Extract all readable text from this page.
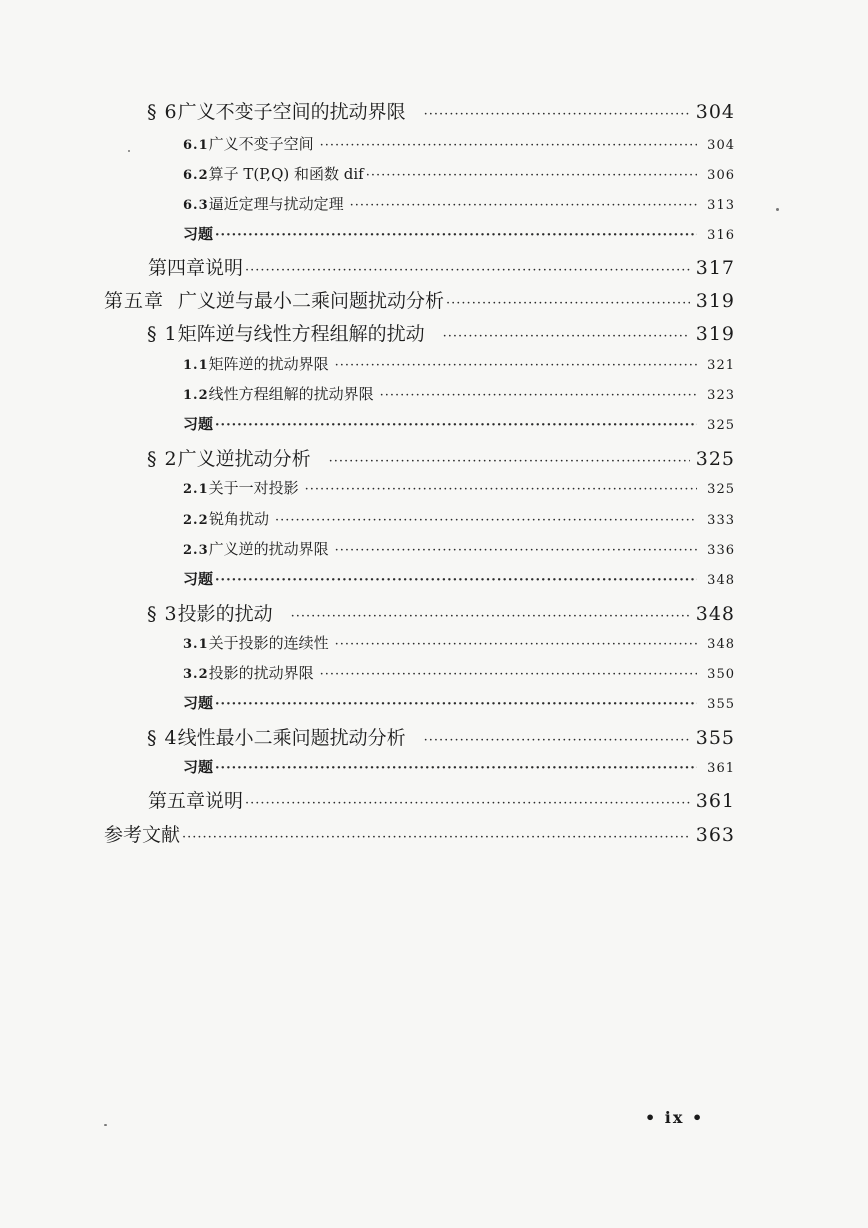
§ 6 广义不变子空间的扰动界限 ·····	304
6.1 广义不变子空间 ·····	304
6.2 算子 T(P,Q) 和函数 dif ·····	306
6.3 逼近定理与扰动定理 ·····	313
习题 ·····	316
第四章说明 ·····	317
第五章 广义逆与最小二乘问题扰动分析 ·····	319
§ 1 矩阵逆与线性方程组解的扰动 ·····	319
1.1 矩阵逆的扰动界限 ·····	321
1.2 线性方程组解的扰动界限 ·····	323
习题 ·····	325
§ 2 广义逆扰动分析 ·····	325
2.1 关于一对投影 ·····	325
2.2 锐角扰动 ·····	333
2.3 广义逆的扰动界限 ·····	336
习题 ·····	348
§ 3 投影的扰动 ·····	348
3.1 关于投影的连续性 ·····	348
3.2 投影的扰动界限 ·····	350
习题 ·····	355
§ 4 线性最小二乘问题扰动分析 ·····	355
习题 ·····	361
第五章说明 ·····	361
参考文献 ·····	363
• ix •
